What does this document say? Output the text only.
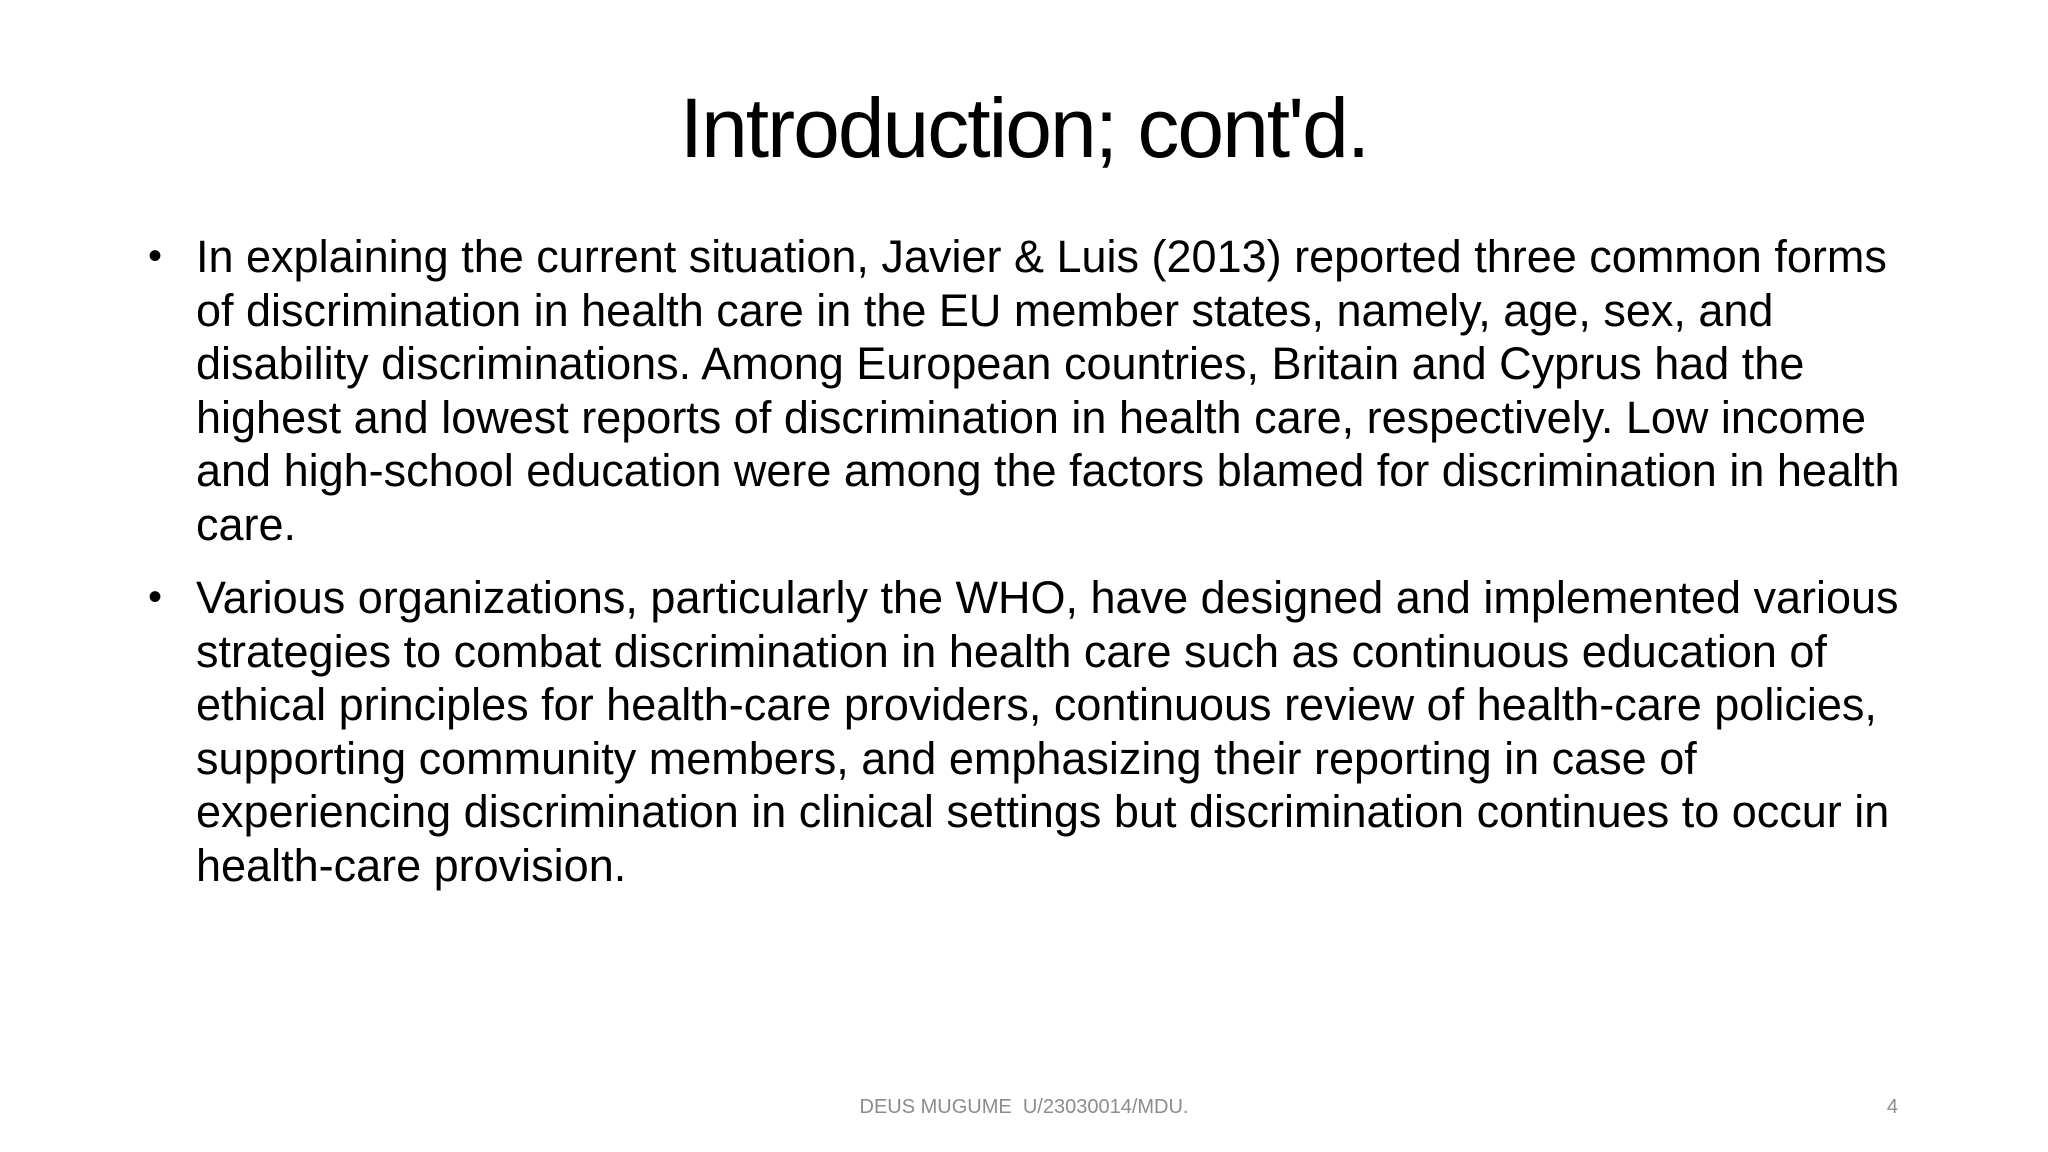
Introduction; cont'd.
• In explaining the current situation, Javier & Luis (2013) reported three common forms of discrimination in health care in the EU member states, namely, age, sex, and disability discriminations. Among European countries, Britain and Cyprus had the highest and lowest reports of discrimination in health care, respectively. Low income and high-school education were among the factors blamed for discrimination in health care.
• Various organizations, particularly the WHO, have designed and implemented various strategies to combat discrimination in health care such as continuous education of ethical principles for health-care providers, continuous review of health-care policies, supporting community members, and emphasizing their reporting in case of experiencing discrimination in clinical settings but discrimination continues to occur in health-care provision.
DEUS MUGUME  U/23030014/MDU.	4
